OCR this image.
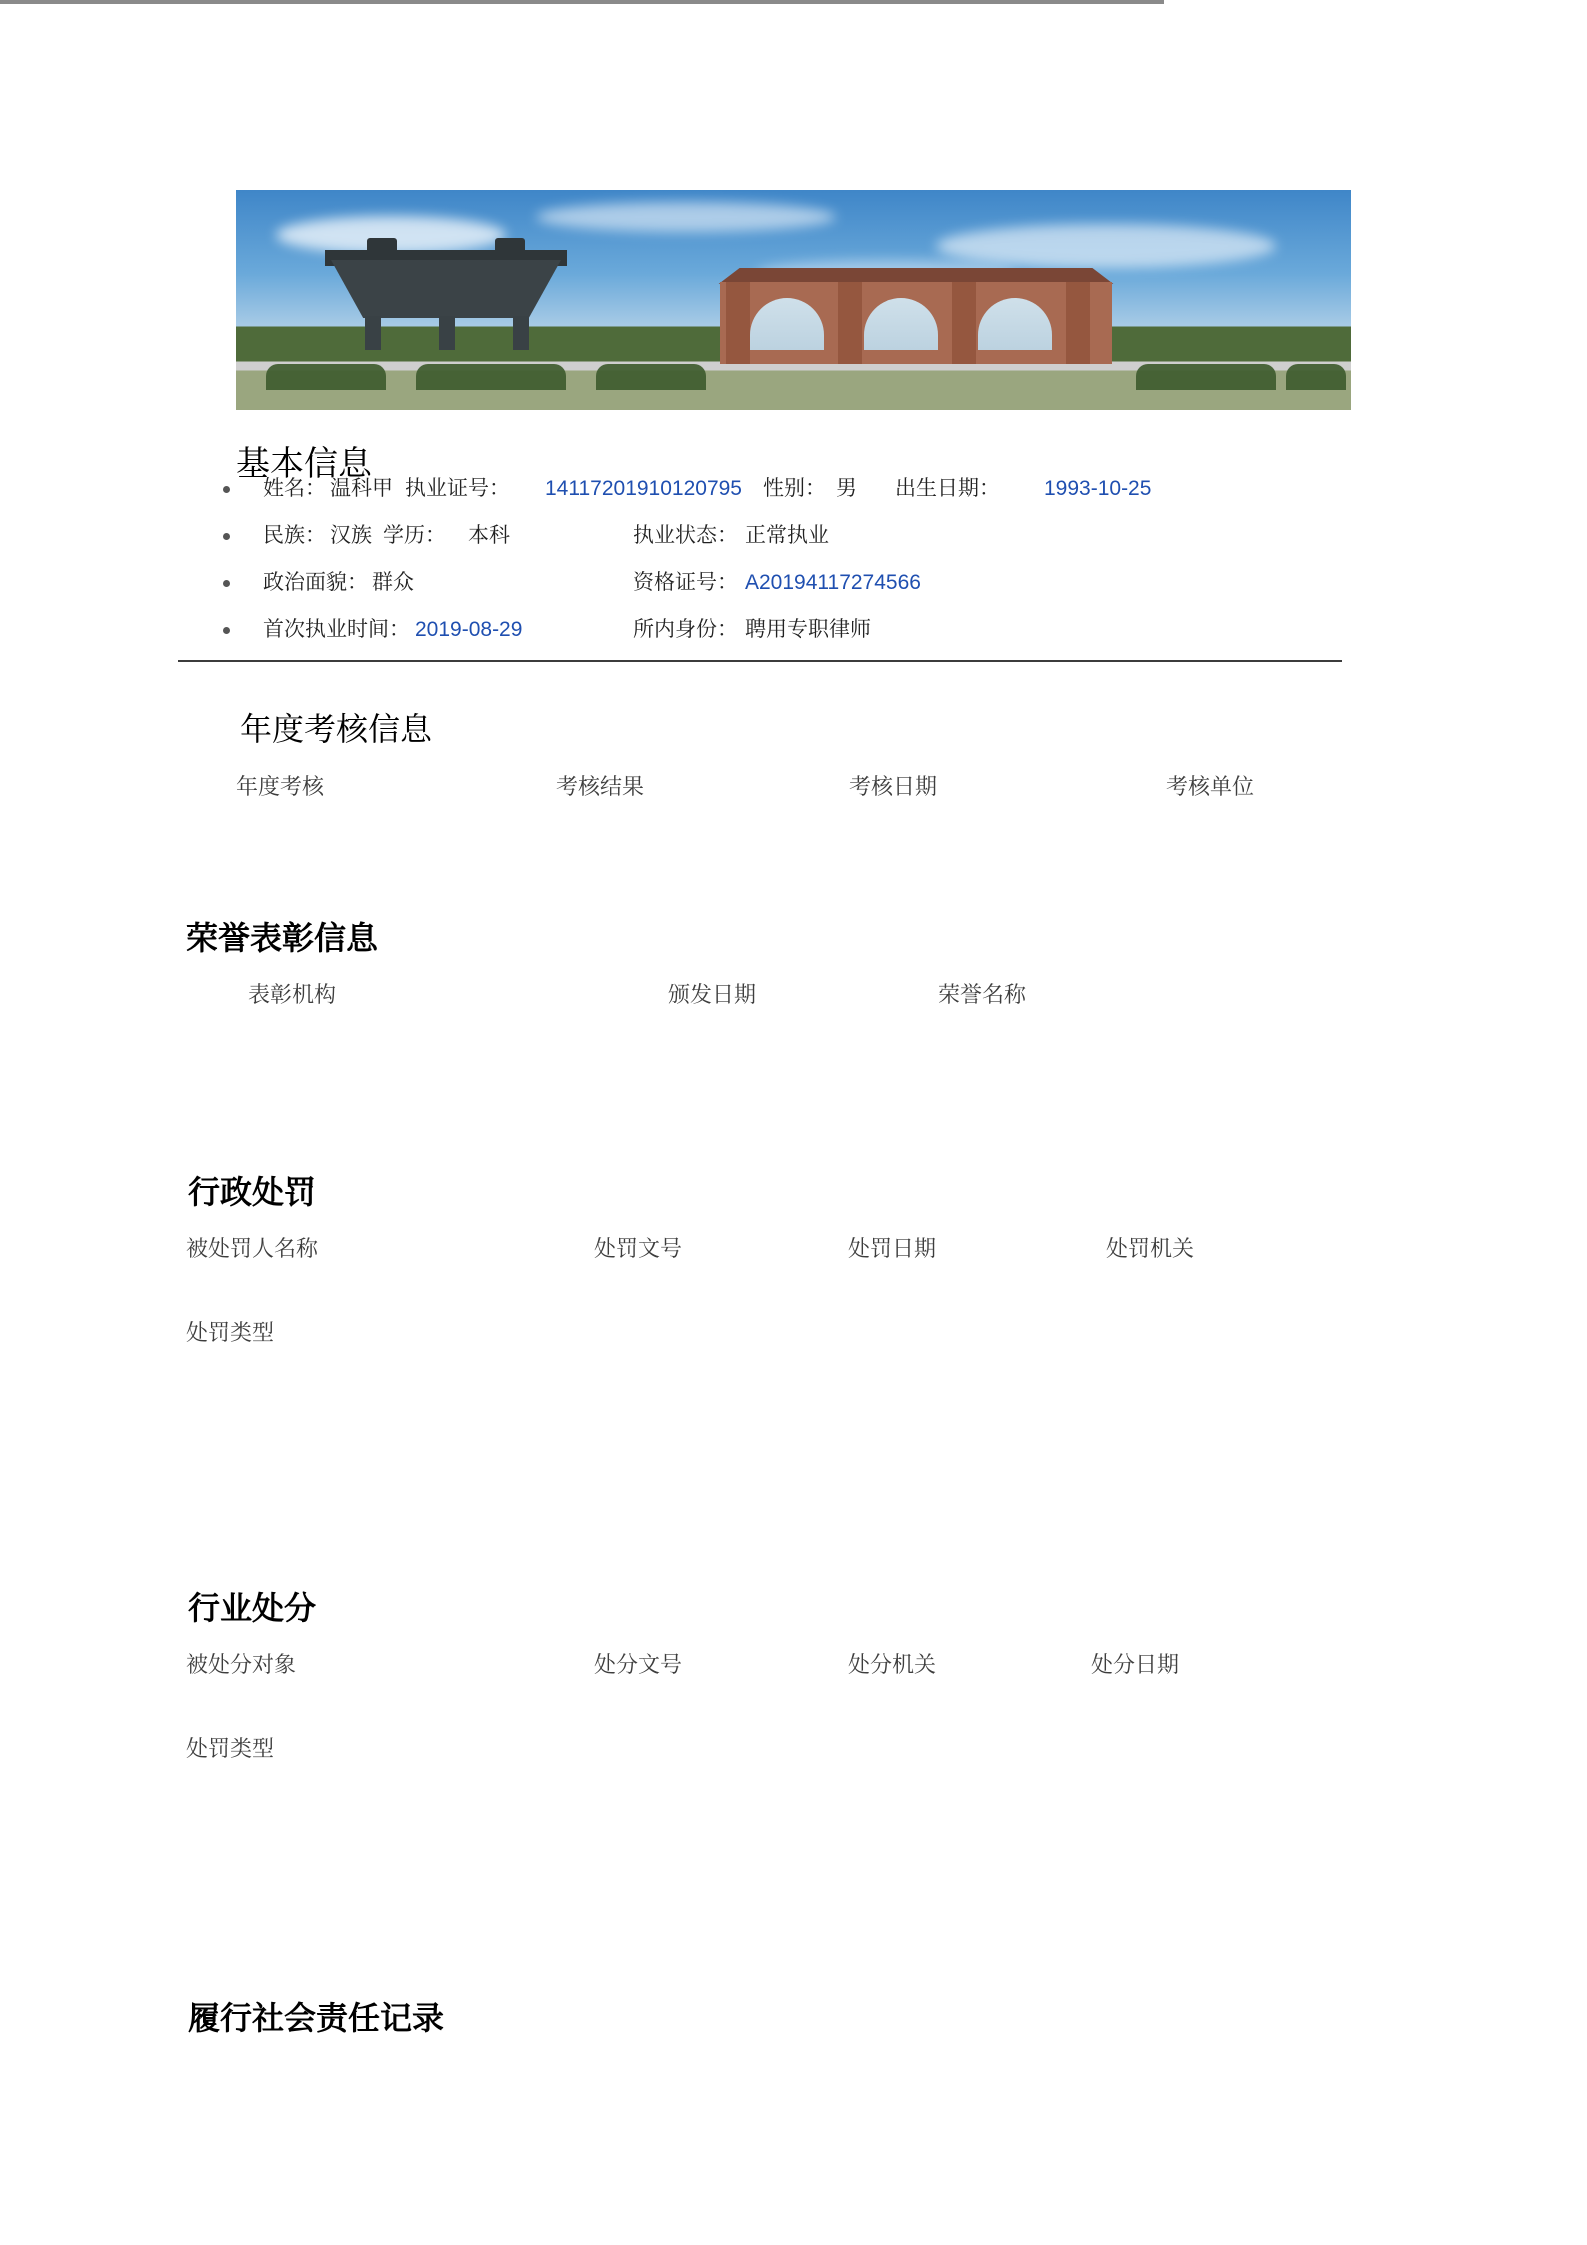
基本信息
姓名： 温科甲 执业证号： 14117201910120795 性别： 男 出生日期： 1993-10-25
民族： 汉族 学历： 本科	执业状态： 正常执业
政治面貌： 群众	资格证号： A20194117274566
首次执业时间： 2019-08-29	所内身份： 聘用专职律师
年度考核信息
年度考核	考核结果	考核日期	考核单位
荣誉表彰信息
表彰机构	颁发日期	荣誉名称
行政处罚
被处罚人名称	处罚文号	处罚日期	处罚机关
处罚类型
行业处分
被处分对象	处分文号	处分机关	处分日期
处罚类型
履行社会责任记录
